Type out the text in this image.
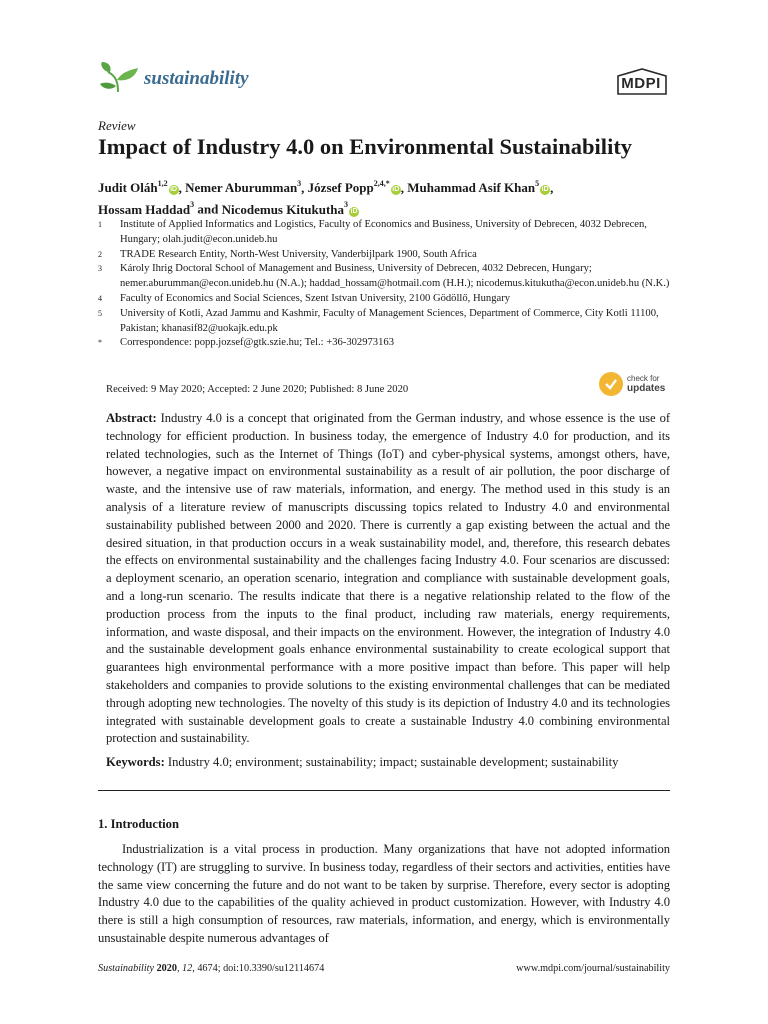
sustainability	MDPI
Review
Impact of Industry 4.0 on Environmental Sustainability
Judit Oláh$^{1,2}$iD , Nemer Aburumman$^3$, József Popp$^{2,4,*}$iD , Muhammad Asif Khan$^5$iD ,
Hossam Haddad$^3$ and Nicodemus Kitukutha$^3$iD
1	Institute of Applied Informatics and Logistics, Faculty of Economics and Business, University of Debrecen, 4032 Debrecen, Hungary; olah.judit@econ.unideb.hu
2	TRADE Research Entity, North-West University, Vanderbijlpark 1900, South Africa
3	Károly Ihrig Doctoral School of Management and Business, University of Debrecen, 4032 Debrecen, Hungary; nemer.aburumman@econ.unideb.hu (N.A.); haddad_hossam@hotmail.com (H.H.); nicodemus.kitukutha@econ.unideb.hu (N.K.)
4	Faculty of Economics and Social Sciences, Szent Istvan University, 2100 Gödöllő, Hungary
5	University of Kotli, Azad Jammu and Kashmir, Faculty of Management Sciences, Department of Commerce, City Kotli 11100, Pakistan; khanasif82@uokajk.edu.pk
*	Correspondence: popp.jozsef@gtk.szie.hu; Tel.: +36-302973163
Received: 9 May 2020; Accepted: 2 June 2020; Published: 8 June 2020
check for
updates
Abstract: Industry 4.0 is a concept that originated from the German industry, and whose essence is the use of technology for efficient production. In business today, the emergence of Industry 4.0 for production, and its related technologies, such as the Internet of Things (IoT) and cyber-physical systems, amongst others, have, however, a negative impact on environmental sustainability as a result of air pollution, the poor discharge of waste, and the intensive use of raw materials, information, and energy. The method used in this study is an analysis of a literature review of manuscripts discussing topics related to Industry 4.0 and environmental sustainability published between 2000 and 2020. There is currently a gap existing between the actual and the desired situation, in that production occurs in a weak sustainability model, and, therefore, this research debates the effects on environmental sustainability and the challenges facing Industry 4.0. Four scenarios are discussed: a deployment scenario, an operation scenario, integration and compliance with sustainable development goals, and a long-run scenario. The results indicate that there is a negative relationship related to the flow of the production process from the inputs to the final product, including raw materials, energy requirements, information, and waste disposal, and their impacts on the environment. However, the integration of Industry 4.0 and the sustainable development goals enhance environmental sustainability to create ecological support that guarantees high environmental performance with a more positive impact than before. This paper will help stakeholders and companies to provide solutions to the existing environmental challenges that can be mediated through adopting new technologies. The novelty of this study is its depiction of Industry 4.0 and its technologies integrated with sustainable development goals to create a sustainable Industry 4.0 combining environmental protection and sustainability.
Keywords: Industry 4.0; environment; sustainability; impact; sustainable development; sustainability
1. Introduction
Industrialization is a vital process in production. Many organizations that have not adopted information technology (IT) are struggling to survive. In business today, regardless of their sectors and activities, entities have the same view concerning the future and do not want to be taken by surprise. Therefore, every sector is adopting Industry 4.0 due to the capabilities of the quality achieved in product customization. However, with Industry 4.0 there is still a high consumption of resources, raw materials, information, and energy, which is environmentally unsustainable despite numerous advantages of
Sustainability 2020, 12, 4674; doi:10.3390/su12114674	www.mdpi.com/journal/sustainability
